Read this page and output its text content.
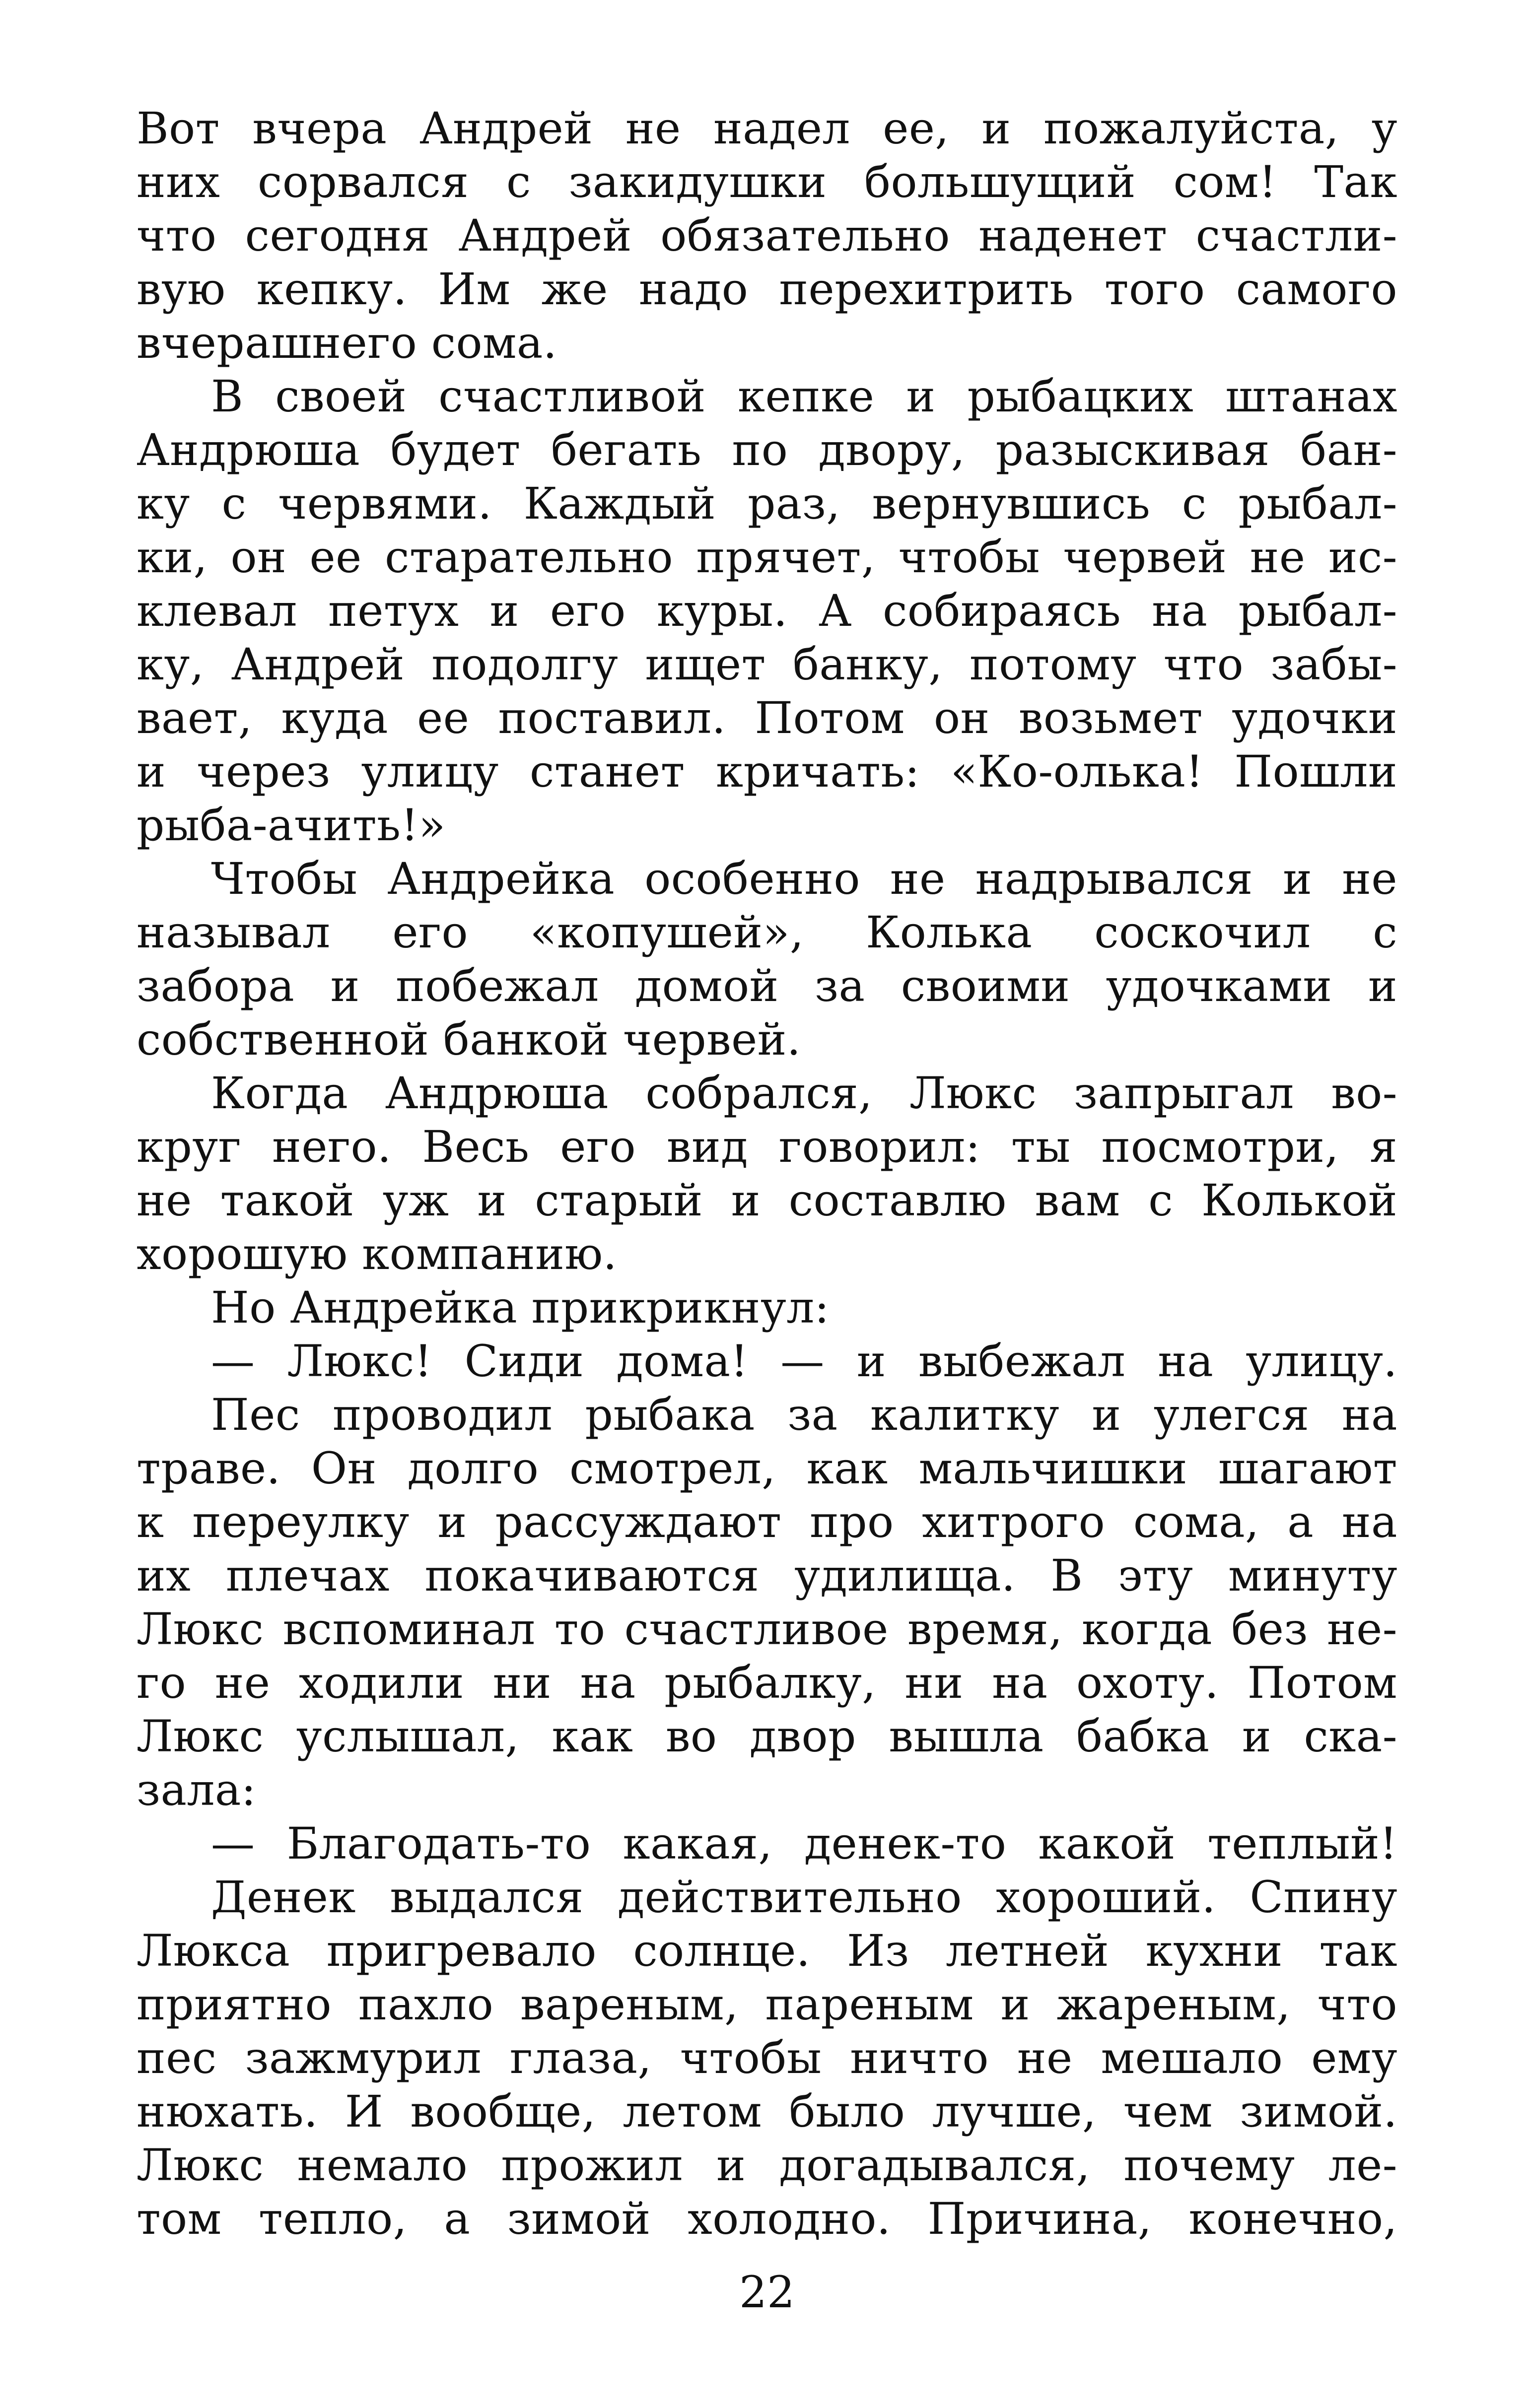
Вот вчера Андрей не надел ее, и пожалуйста, у
них сорвался с закидушки большущий сом! Так
что сегодня Андрей обязательно наденет счастли-
вую кепку. Им же надо перехитрить того самого
вчерашнего сома.
В своей счастливой кепке и рыбацких штанах
Андрюша будет бегать по двору, разыскивая бан-
ку с червями. Каждый раз, вернувшись с рыбал-
ки, он ее старательно прячет, чтобы червей не ис-
клевал петух и его куры. А собираясь на рыбал-
ку, Андрей подолгу ищет банку, потому что забы-
вает, куда ее поставил. Потом он возьмет удочки
и через улицу станет кричать: «Ко-олька! Пошли
рыба-ачить!»
Чтобы Андрейка особенно не надрывался и не
называл его «копушей», Колька соскочил с
забора и побежал домой за своими удочками и
собственной банкой червей.
Когда Андрюша собрался, Люкс запрыгал во-
круг него. Весь его вид говорил: ты посмотри, я
не такой уж и старый и составлю вам с Колькой
хорошую компанию.
Но Андрейка прикрикнул:
— Люкс! Сиди дома! — и выбежал на улицу.
Пес проводил рыбака за калитку и улегся на
траве. Он долго смотрел, как мальчишки шагают
к переулку и рассуждают про хитрого сома, а на
их плечах покачиваются удилища. В эту минуту
Люкс вспоминал то счастливое время, когда без не-
го не ходили ни на рыбалку, ни на охоту. Потом
Люкс услышал, как во двор вышла бабка и ска-
зала:
— Благодать-то какая, денек-то какой теплый!
Денек выдался действительно хороший. Спину
Люкса пригревало солнце. Из летней кухни так
приятно пахло вареным, пареным и жареным, что
пес зажмурил глаза, чтобы ничто не мешало ему
нюхать. И вообще, летом было лучше, чем зимой.
Люкс немало прожил и догадывался, почему ле-
том тепло, а зимой холодно. Причина, конечно,
22
